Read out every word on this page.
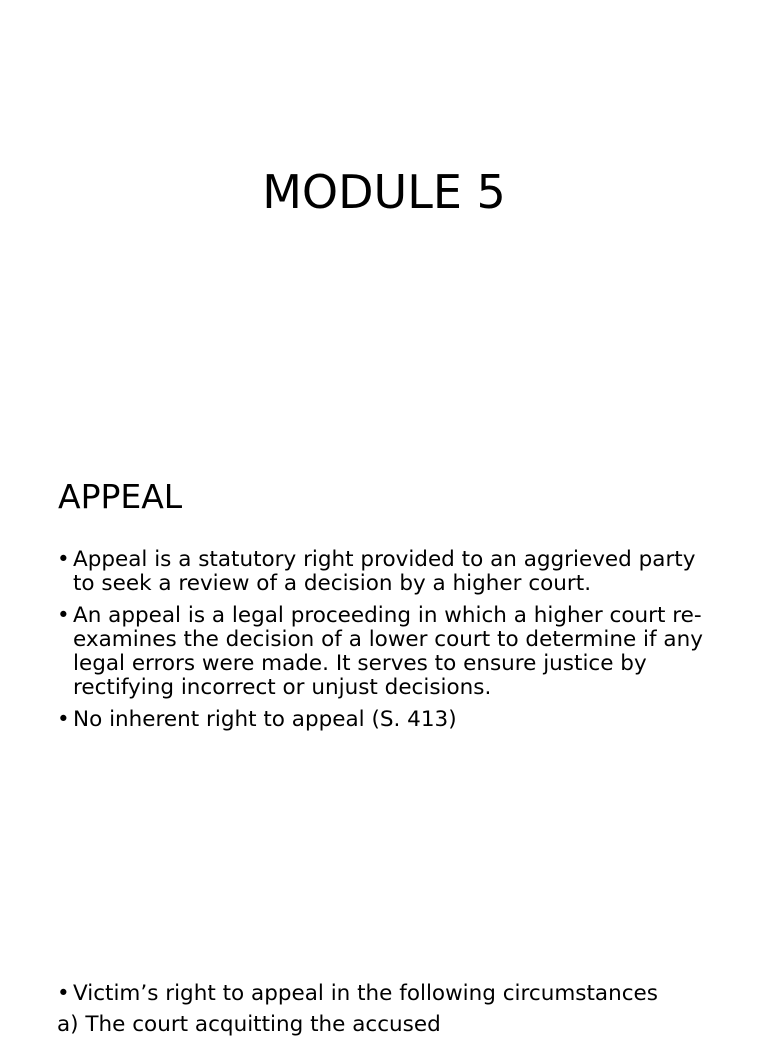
MODULE 5
APPEAL
• Appeal is a statutory right provided to an aggrieved party to seek a review of a decision by a higher court.
• An appeal is a legal proceeding in which a higher court re-examines the decision of a lower court to determine if any legal errors were made. It serves to ensure justice by rectifying incorrect or unjust decisions.
• No inherent right to appeal (S. 413)
• Victim’s right to appeal in the following circumstances
a) The court acquitting the accused
